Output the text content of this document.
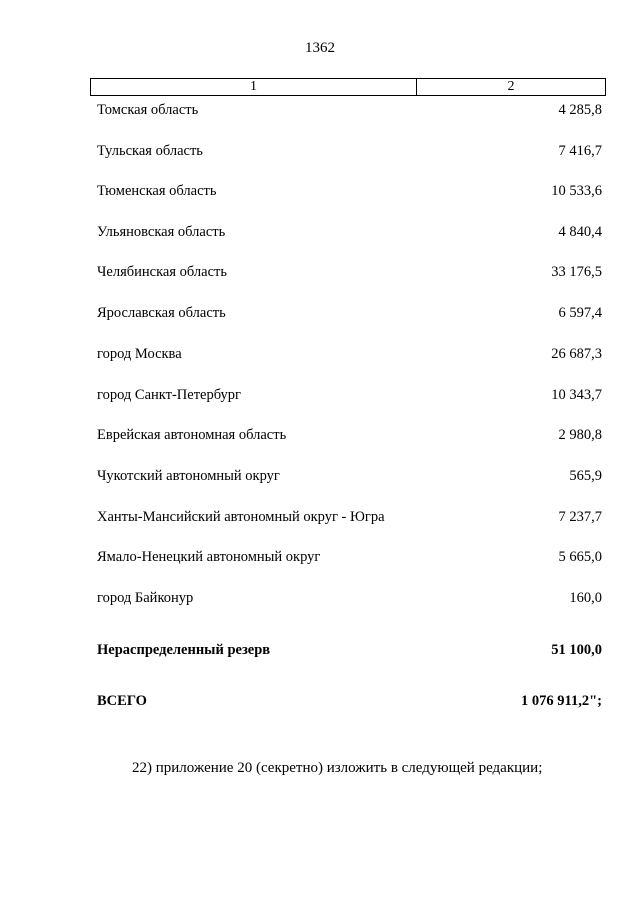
1362
1	2
Томская область	4 285,8
Тульская область	7 416,7
Тюменская область	10 533,6
Ульяновская область	4 840,4
Челябинская область	33 176,5
Ярославская область	6 597,4
город Москва	26 687,3
город Санкт-Петербург	10 343,7
Еврейская автономная область	2 980,8
Чукотский автономный округ	565,9
Ханты-Мансийский автономный округ - Югра	7 237,7
Ямало-Ненецкий автономный округ	5 665,0
город Байконур	160,0
Нераспределенный резерв	51 100,0
ВСЕГО	1 076 911,2";
22) приложение 20 (секретно) изложить в следующей редакции;
